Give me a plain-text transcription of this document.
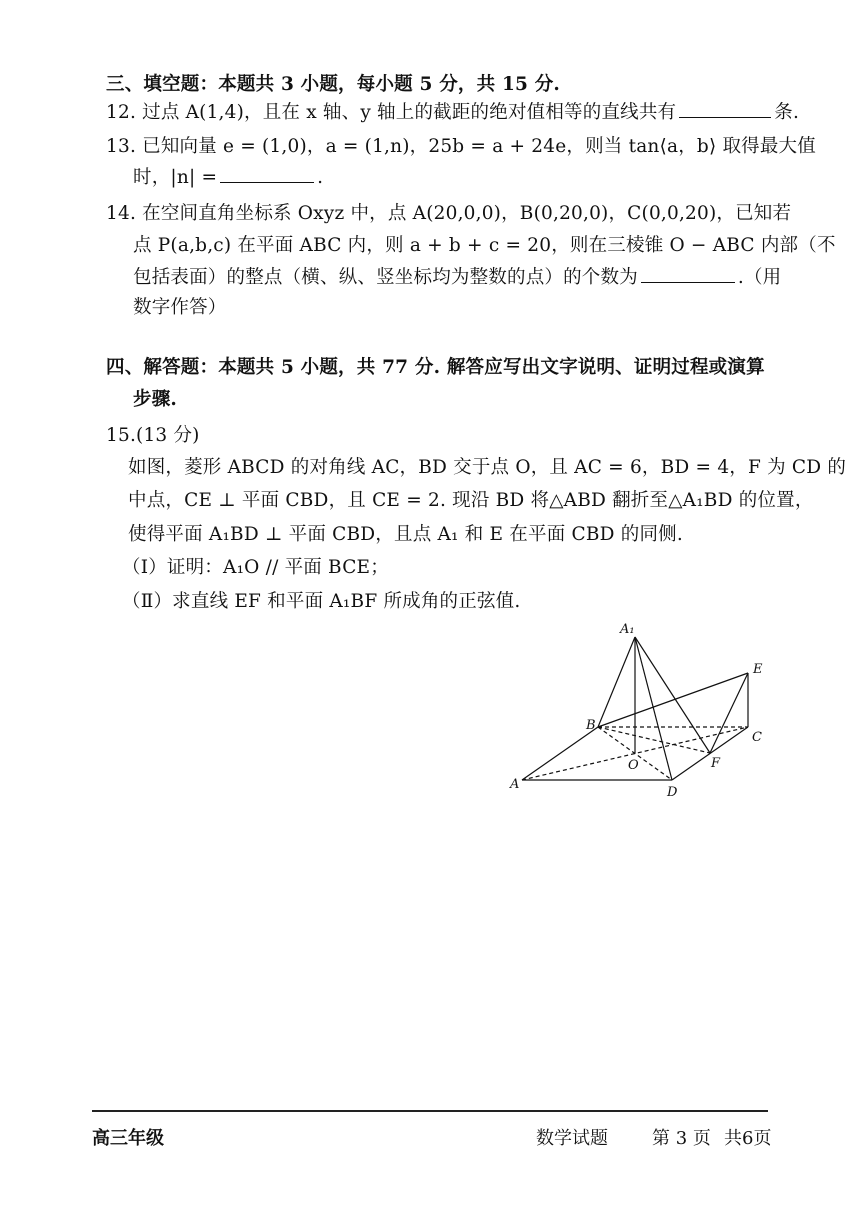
三、填空题：本题共 3 小题，每小题 5 分，共 15 分.
12. 过点 A(1,4)，且在 x 轴、y 轴上的截距的绝对值相等的直线共有	条.
13. 已知向量 e = (1,0)，a = (1,n)，25b = a + 24e，则当 tan⟨a，b⟩ 取得最大值
时，|n| =	.
14. 在空间直角坐标系 Oxyz 中，点 A(20,0,0)，B(0,20,0)，C(0,0,20)，已知若
点 P(a,b,c) 在平面 ABC 内，则 a + b + c = 20，则在三棱锥 O − ABC 内部（不
包括表面）的整点（横、纵、竖坐标均为整数的点）的个数为	.（用
数字作答）
四、解答题：本题共 5 小题，共 77 分. 解答应写出文字说明、证明过程或演算
步骤.
15.(13 分)
如图，菱形 ABCD 的对角线 AC，BD 交于点 O，且 AC = 6，BD = 4，F 为 CD 的
中点，CE ⊥ 平面 CBD，且 CE = 2. 现沿 BD 将△ABD 翻折至△A₁BD 的位置，
使得平面 A₁BD ⊥ 平面 CBD，且点 A₁ 和 E 在平面 CBD 的同侧.
（Ⅰ）证明：A₁O // 平面 BCE；
（Ⅱ）求直线 EF 和平面 A₁BF 所成角的正弦值.
A₁
E
B
C
O	F
A
D
高三年级	数学试题 第 3 页 共6页
